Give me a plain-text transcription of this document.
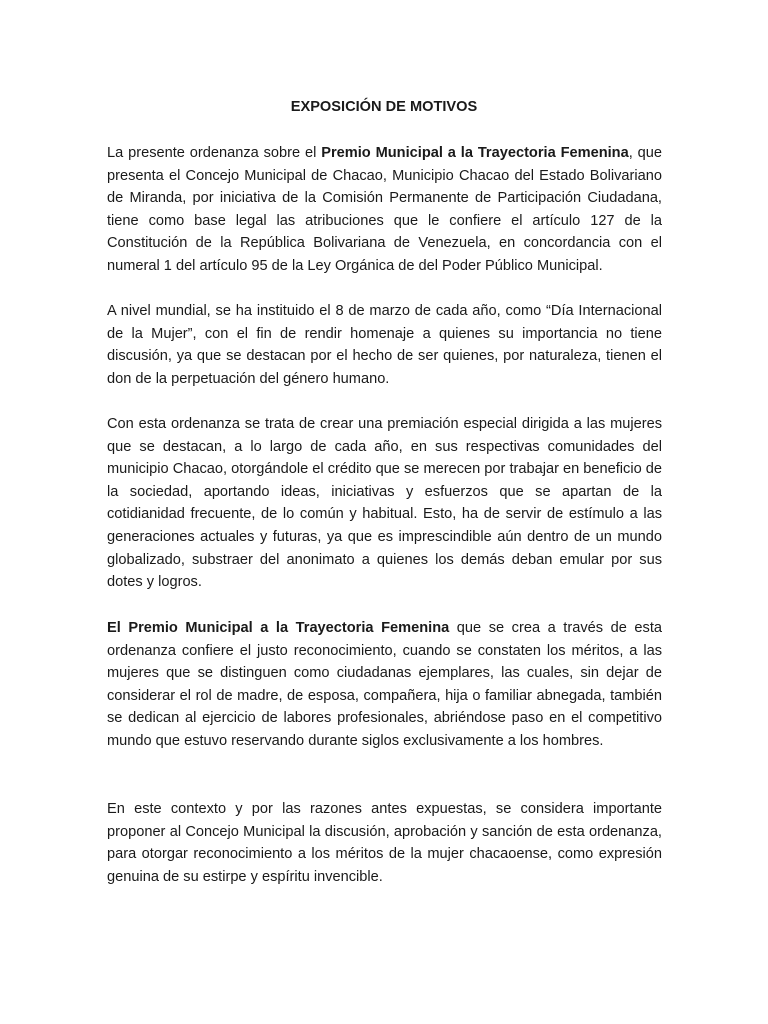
EXPOSICIÓN DE MOTIVOS

La presente ordenanza sobre el Premio Municipal a la Trayectoria Femenina, que presenta el Concejo Municipal de Chacao, Municipio Chacao del Estado Bolivariano de Miranda, por iniciativa de la Comisión Permanente de Participación Ciudadana, tiene como base legal las atribuciones que le confiere el artículo 127 de la Constitución de la República Bolivariana de Venezuela, en concordancia con el numeral 1 del artículo 95 de la Ley Orgánica de del Poder Público Municipal.

A nivel mundial, se ha instituido el 8 de marzo de cada año, como “Día Internacional de la Mujer”, con el fin de rendir homenaje a quienes su importancia no tiene discusión, ya que se destacan por el hecho de ser quienes, por naturaleza, tienen el don de la perpetuación del género humano.

Con esta ordenanza se trata de crear una premiación especial dirigida a las mujeres que se destacan, a lo largo de cada año, en sus respectivas comunidades del municipio Chacao, otorgándole el crédito que se merecen por trabajar en beneficio de la sociedad, aportando ideas, iniciativas y esfuerzos que se apartan de la cotidianidad frecuente, de lo común y habitual. Esto, ha de servir de estímulo a las generaciones actuales y futuras, ya que es imprescindible aún dentro de un mundo globalizado, substraer del anonimato a quienes los demás deban emular por sus dotes y logros.

El Premio Municipal a la Trayectoria Femenina que se crea a través de esta ordenanza confiere el justo reconocimiento, cuando se constaten los méritos, a las mujeres que se distinguen como ciudadanas ejemplares, las cuales, sin dejar de considerar el rol de madre, de esposa, compañera, hija o familiar abnegada, también se dedican al ejercicio de labores profesionales, abriéndose paso en el competitivo mundo que estuvo reservando durante siglos exclusivamente a los hombres.

En este contexto y por las razones antes expuestas, se considera importante proponer al Concejo Municipal la discusión, aprobación y sanción de esta ordenanza, para otorgar reconocimiento a los méritos de la mujer chacaoense, como expresión genuina de su estirpe y espíritu invencible.
